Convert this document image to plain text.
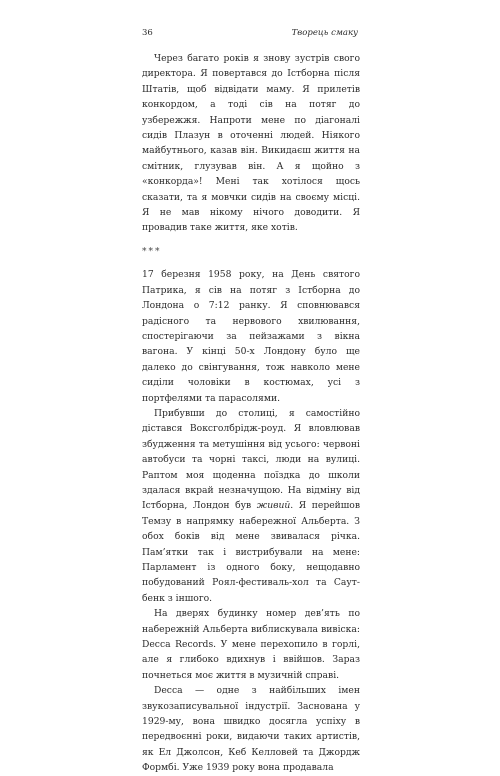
36	Творець смаку

Через багато років я знову зустрів свого директора. Я повертався до Істборна після Штатів, щоб відвідати маму. Я прилетів конкордом, а тоді сів на потяг до узбережжя. Напроти мене по діагоналі сидів Плазун в оточенні людей. Ніякого майбутнього, казав він. Викидаєш життя на смітник, глузував він. А я щойно з «конкорда»! Мені так хотілося щось сказати, та я мовчки сидів на своєму місці. Я не мав нікому нічого доводити. Я провадив таке життя, яке хотів.

***

17 березня 1958 року, на День святого Патрика, я сів на потяг з Істборна до Лондона о 7:12 ранку. Я сповнювався радісного та нервового хвилювання, спостерігаючи за пейзажами з вікна вагона. У кінці 50-х Лондону було ще далеко до свінгування, тож навколо мене сиділи чоловіки в костюмах, усі з портфелями та парасолями.

Прибувши до столиці, я самостійно дістався Воксголбрідж-роуд. Я вловлював збудження та метушіння від усього: червоні автобуси та чорні таксі, люди на вулиці. Раптом моя щоденна поїздка до школи здалася вкрай незначущою. На відміну від Істборна, Лондон був живий. Я перейшов Темзу в напрямку набережної Альберта. З обох боків від мене звивалася річка. Пам’ятки так і вистрибували на мене: Парламент із одного боку, нещодавно побудований Роял-фестиваль-хол та Саут-бенк з іншого.

На дверях будинку номер дев’ять по набережній Альберта виблискувала вивіска: Decca Records. У мене перехопило в горлі, але я глибоко вдихнув і ввійшов. Зараз почнеться моє життя в музичній справі.

Decca — одне з найбільших імен звукозаписувальної індустрії. Заснована у 1929-му, вона швидко досягла успіху в передвоєнні роки, видаючи таких артистів, як Ел Джолсон, Кеб Келловей та Джордж Формбі. Уже 1939 року вона продавала
